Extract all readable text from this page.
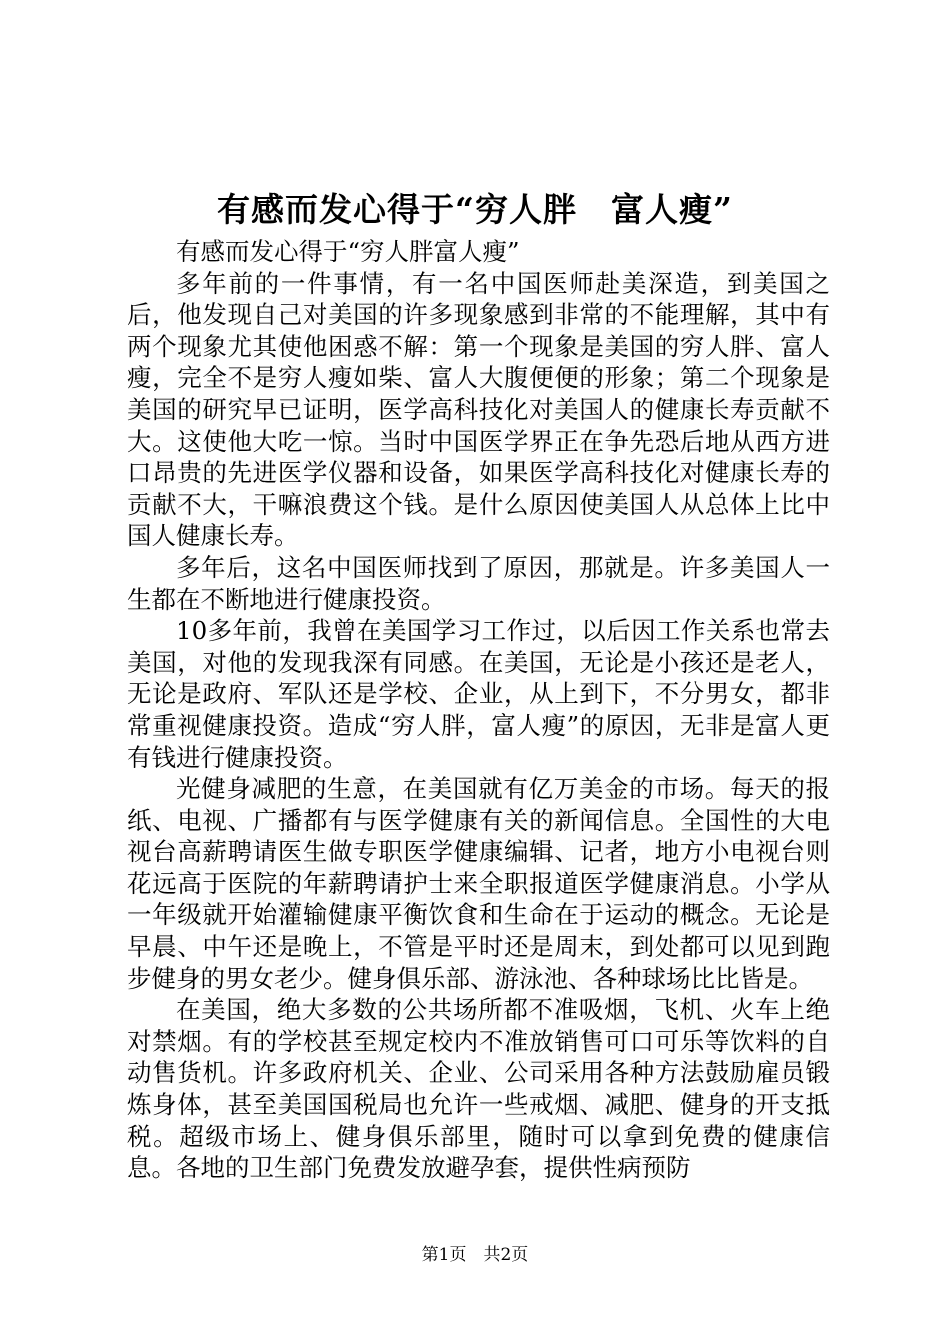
有感而发心得于“穷人胖　富人瘦”

有感而发心得于“穷人胖富人瘦”

多年前的一件事情，有一名中国医师赴美深造，到美国之后，他发现自己对美国的许多现象感到非常的不能理解，其中有两个现象尤其使他困惑不解：第一个现象是美国的穷人胖、富人瘦，完全不是穷人瘦如柴、富人大腹便便的形象；第二个现象是美国的研究早已证明，医学高科技化对美国人的健康长寿贡献不大。这使他大吃一惊。当时中国医学界正在争先恐后地从西方进口昂贵的先进医学仪器和设备，如果医学高科技化对健康长寿的贡献不大，干嘛浪费这个钱。是什么原因使美国人从总体上比中国人健康长寿。

多年后，这名中国医师找到了原因，那就是。许多美国人一生都在不断地进行健康投资。

10多年前，我曾在美国学习工作过，以后因工作关系也常去美国，对他的发现我深有同感。在美国，无论是小孩还是老人，无论是政府、军队还是学校、企业，从上到下，不分男女，都非常重视健康投资。造成“穷人胖，富人瘦”的原因，无非是富人更有钱进行健康投资。

光健身减肥的生意，在美国就有亿万美金的市场。每天的报纸、电视、广播都有与医学健康有关的新闻信息。全国性的大电视台高薪聘请医生做专职医学健康编辑、记者，地方小电视台则花远高于医院的年薪聘请护士来全职报道医学健康消息。小学从一年级就开始灌输健康平衡饮食和生命在于运动的概念。无论是早晨、中午还是晚上，不管是平时还是周末，到处都可以见到跑步健身的男女老少。健身俱乐部、游泳池、各种球场比比皆是。

在美国，绝大多数的公共场所都不准吸烟，飞机、火车上绝对禁烟。有的学校甚至规定校内不准放销售可口可乐等饮料的自动售货机。许多政府机关、企业、公司采用各种方法鼓励雇员锻炼身体，甚至美国国税局也允许一些戒烟、减肥、健身的开支抵税。超级市场上、健身俱乐部里，随时可以拿到免费的健康信息。各地的卫生部门免费发放避孕套，提供性病预防

第1页　共2页
